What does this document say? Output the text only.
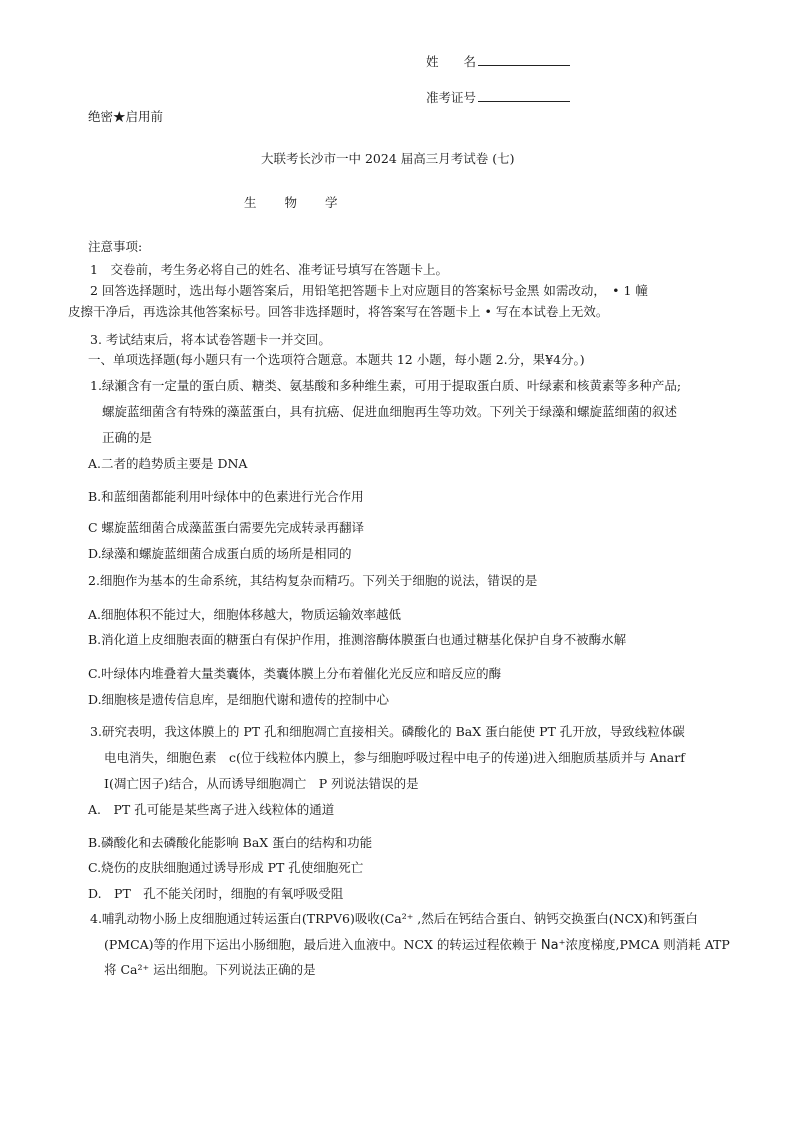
姓　　名
准考证号
绝密★启用前
大联考长沙市一中 2024 届高三月考试卷 (七)
生 物 学
注意事项:
1　交卷前，考生务必将自己的姓名、准考证号填写在答题卡上。
2 回答选择题时，选出每小题答案后，用铅笔把答题卡上对应题目的答案标号金黑 如需改动，　• 1 幢
皮擦干净后，再选涂其他答案标号。回答非选择题时，将答案写在答题卡上 • 写在本试卷上无效。
3. 考试结束后，将本试卷答题卡一并交回。
一、单项选择题(每小题只有一个选项符合题意。本题共 12 小题，每小题 2.分，果¥4分。)
1.绿瀬含有一定量的蛋白质、糖类、氨基酸和多种维生素，可用于提取蛋白质、叶绿素和核黄素等多种产品;
螺旋蓝细菌含有特殊的藻蓝蛋白，具有抗癌、促进血细胞再生等功效。下列关于绿藻和螺旋蓝细菌的叙述
正确的是
A.二者的趋势质主要是 DNA
B.和蓝细菌都能利用叶绿体中的色素进行光合作用
C 螺旋蓝细菌合成藻蓝蛋白需要先完成转录再翻译
D.绿藻和螺旋蓝细菌合成蛋白质的场所是相同的
2.细胞作为基本的生命系统，其结构复杂而精巧。下列关于细胞的说法，错误的是
A.细胞体积不能过大，细胞体移越大，物质运输效率越低
B.消化道上皮细胞表面的糖蛋白有保护作用，推测溶酶体膜蛋白也通过糖基化保护自身不被酶水解
C.叶绿体内堆叠着大量类囊体，类囊体膜上分布着催化光反应和暗反应的酶
D.细胞核是遗传信息库，是细胞代谢和遗传的控制中心
3.研究表明，我这体膜上的 PT 孔和细胞凋亡直接相关。磷酸化的 BaX 蛋白能使 PT 孔开放，导致线粒体碳
电电消失，细胞色素　c(位于线粒体内膜上，参与细胞呼吸过程中电子的传递)进入细胞质基质并与 Anarf
I(凋亡因子)结合，从而诱导细胞凋亡　P 列说法错误的是
A.　PT 孔可能是某些离子进入线粒体的通道
B.磷酸化和去磷酸化能影响 BaX 蛋白的结构和功能
C.烧伤的皮肤细胞通过诱导形成 PT 孔使细胞死亡
D.　PT　孔不能关闭时，细胞的有氧呼吸受阻
4.哺乳动物小肠上皮细胞通过转运蛋白(TRPV6)吸收(Ca²⁺ ,然后在钙结合蛋白、钠钙交换蛋白(NCX)和钙蛋白
(PMCA)等的作用下运出小肠细胞，最后进入血液中。NCX 的转运过程依赖于 Na⁺浓度梯度,PMCA 则消耗 ATP
将 Ca²⁺ 运出细胞。下列说法正确的是
